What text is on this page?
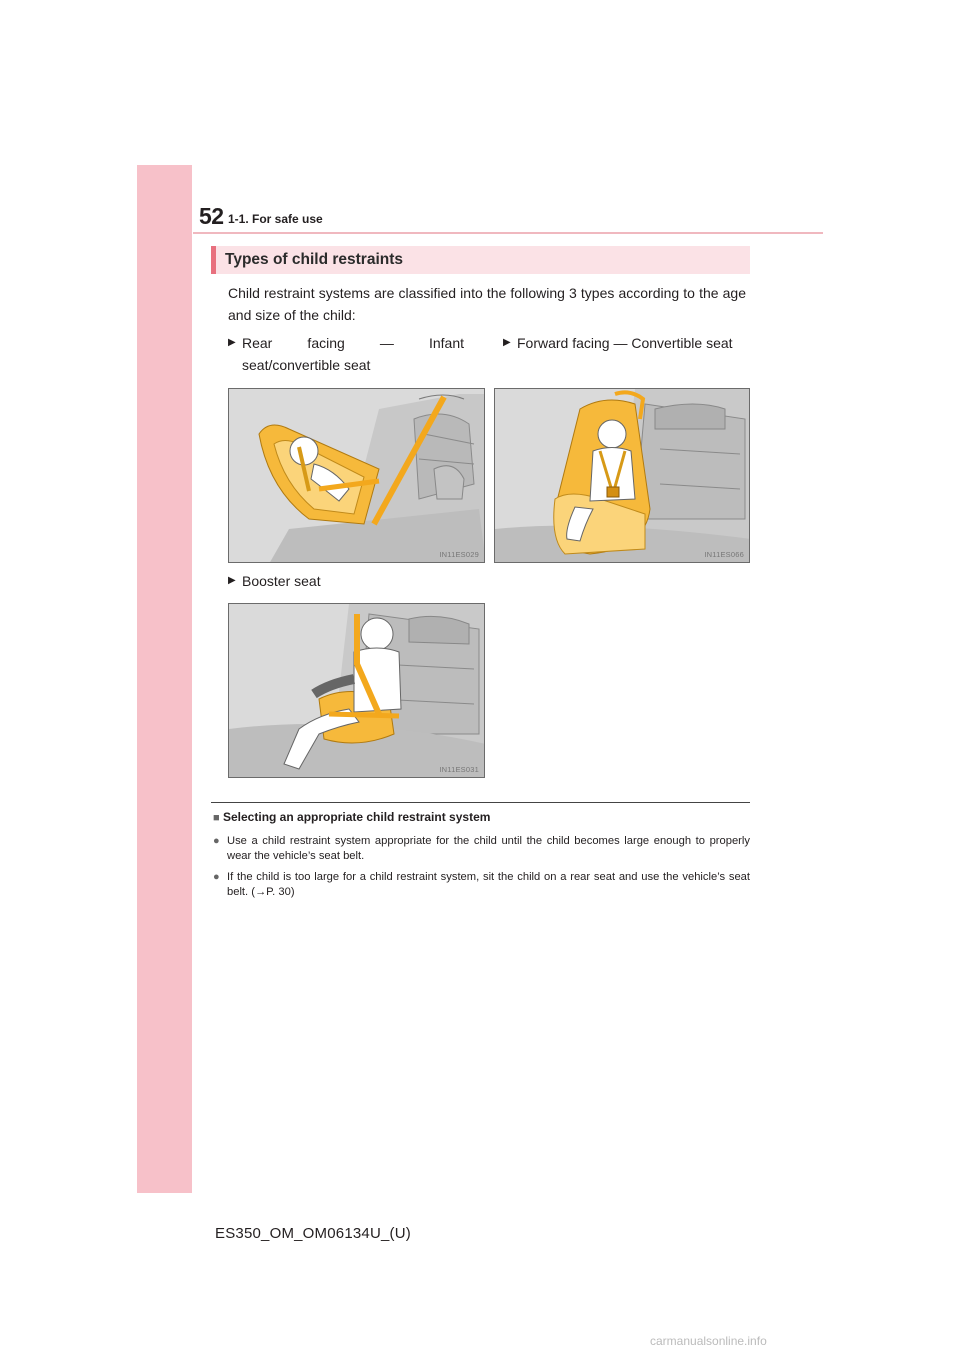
52 1-1. For safe use
Types of child restraints
Child restraint systems are classified into the following 3 types according to the age and size of the child:
▶ Rear facing — Infant seat/convertible seat
▶ Forward facing — Convertible seat
IN11ES029	IN11ES066
▶ Booster seat
IN11ES031
■ Selecting an appropriate child restraint system
● Use a child restraint system appropriate for the child until the child becomes large enough to properly wear the vehicle’s seat belt.
● If the child is too large for a child restraint system, sit the child on a rear seat and use the vehicle’s seat belt. (→P. 30)
ES350_OM_OM06134U_(U)
carmanualsonline.info
